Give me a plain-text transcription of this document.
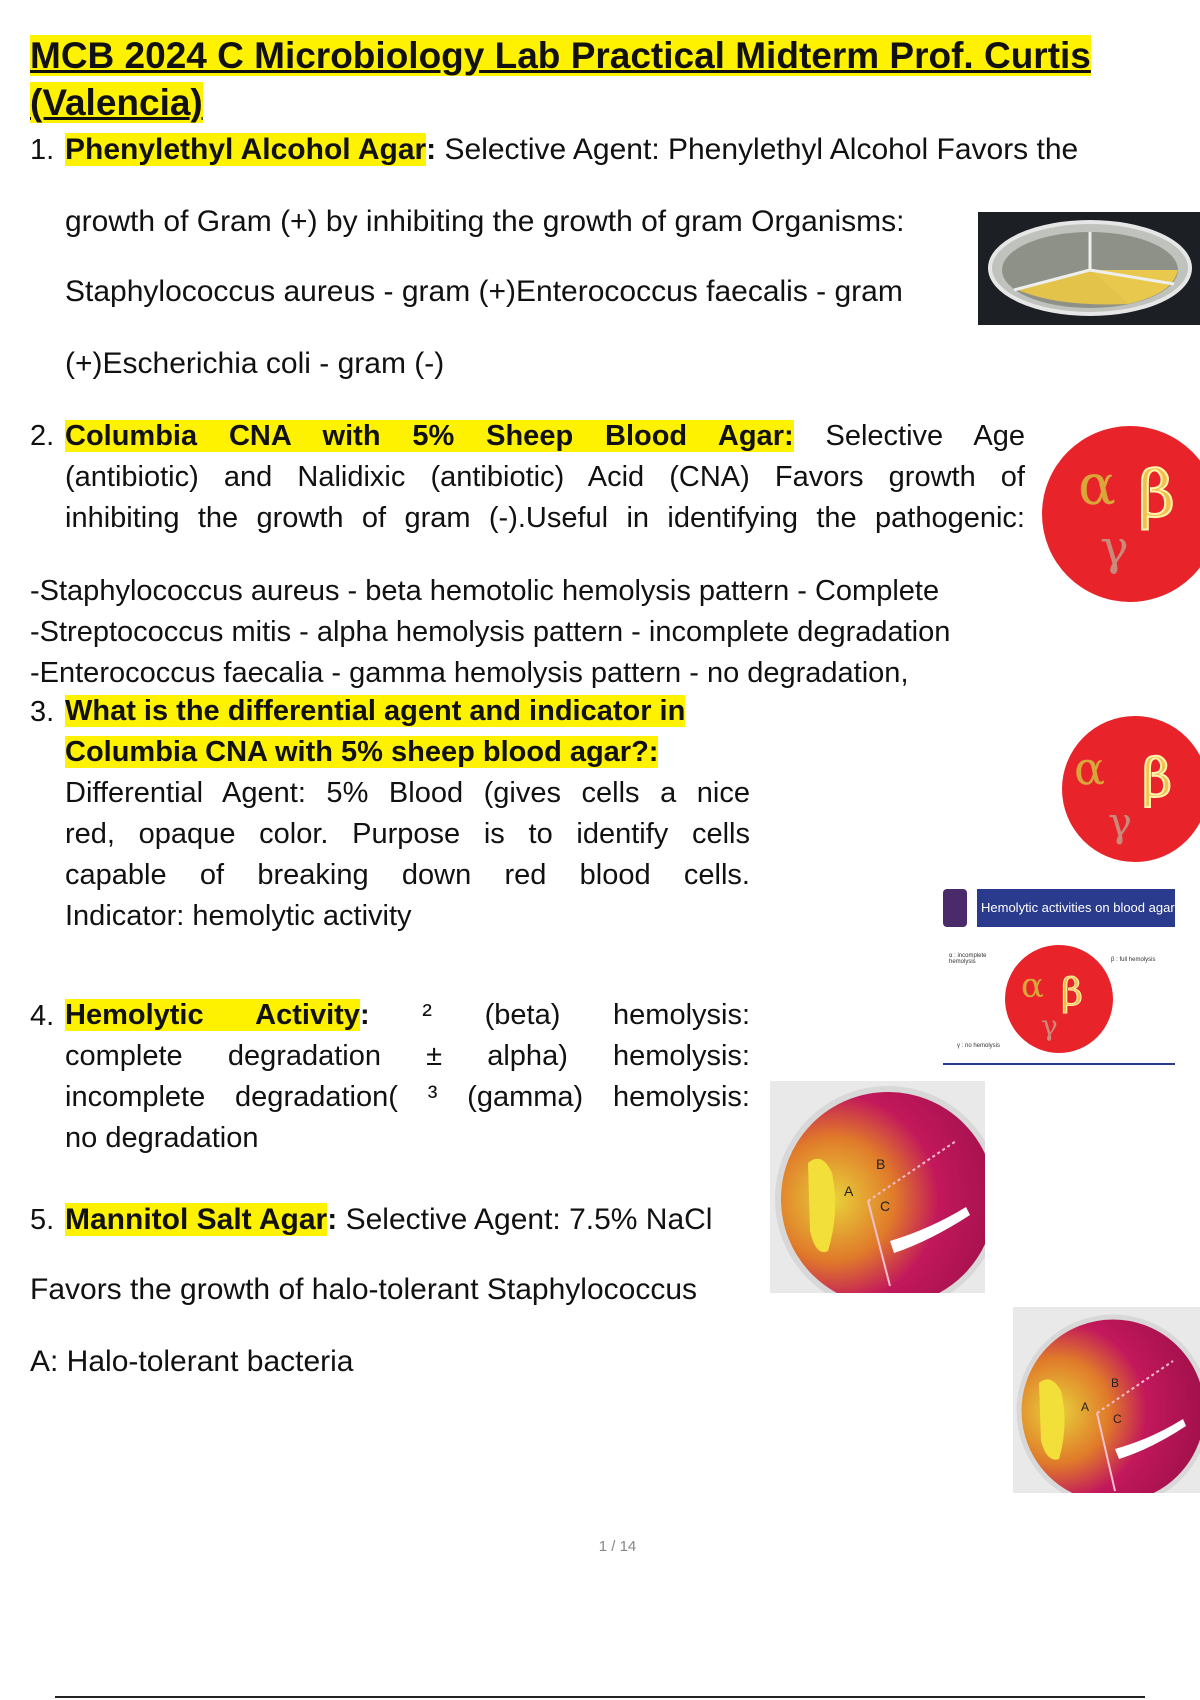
MCB 2024 C Microbiology Lab Practical Midterm Prof. Curtis
(Valencia)
1. Phenylethyl Alcohol Agar: Selective Agent: Phenylethyl Alcohol Favors the
growth of Gram (+) by inhibiting the growth of gram Organisms:
Staphylococcus aureus - gram (+)Enterococcus faecalis - gram
(+)Escherichia coli - gram (-)
2. Columbia CNA with 5% Sheep Blood Agar: Selective Age
(antibiotic) and Nalidixic (antibiotic) Acid (CNA) Favors growth of
inhibiting the growth of gram (-).Useful in identifying the pathogenic:
-Staphylococcus aureus - beta hemotolic hemolysis pattern - Complete
-Streptococcus mitis - alpha hemolysis pattern - incomplete degradation
-Enterococcus faecalia - gamma hemolysis pattern - no degradation,
α β
γ
3. What is the differential agent and indicator in
Columbia CNA with 5% sheep blood agar?:
Differential Agent: 5% Blood (gives cells a nice
red, opaque color. Purpose is to identify cells
capable of breaking down red blood cells.
Indicator: hemolytic activity
α β
γ
Hemolytic activities on blood agar
α : incomplete hemolysis	β : full hemolysis
γ : no hemolysis
α β
γ
4. Hemolytic Activity: ² (beta) hemolysis:
complete degradation ± alpha) hemolysis:
incomplete degradation( ³ (gamma) hemolysis:
no degradation
A
B
C
5. Mannitol Salt Agar: Selective Agent: 7.5% NaCl
Favors the growth of halo-tolerant Staphylococcus
A: Halo-tolerant bacteria
A
B
C
1 / 14
